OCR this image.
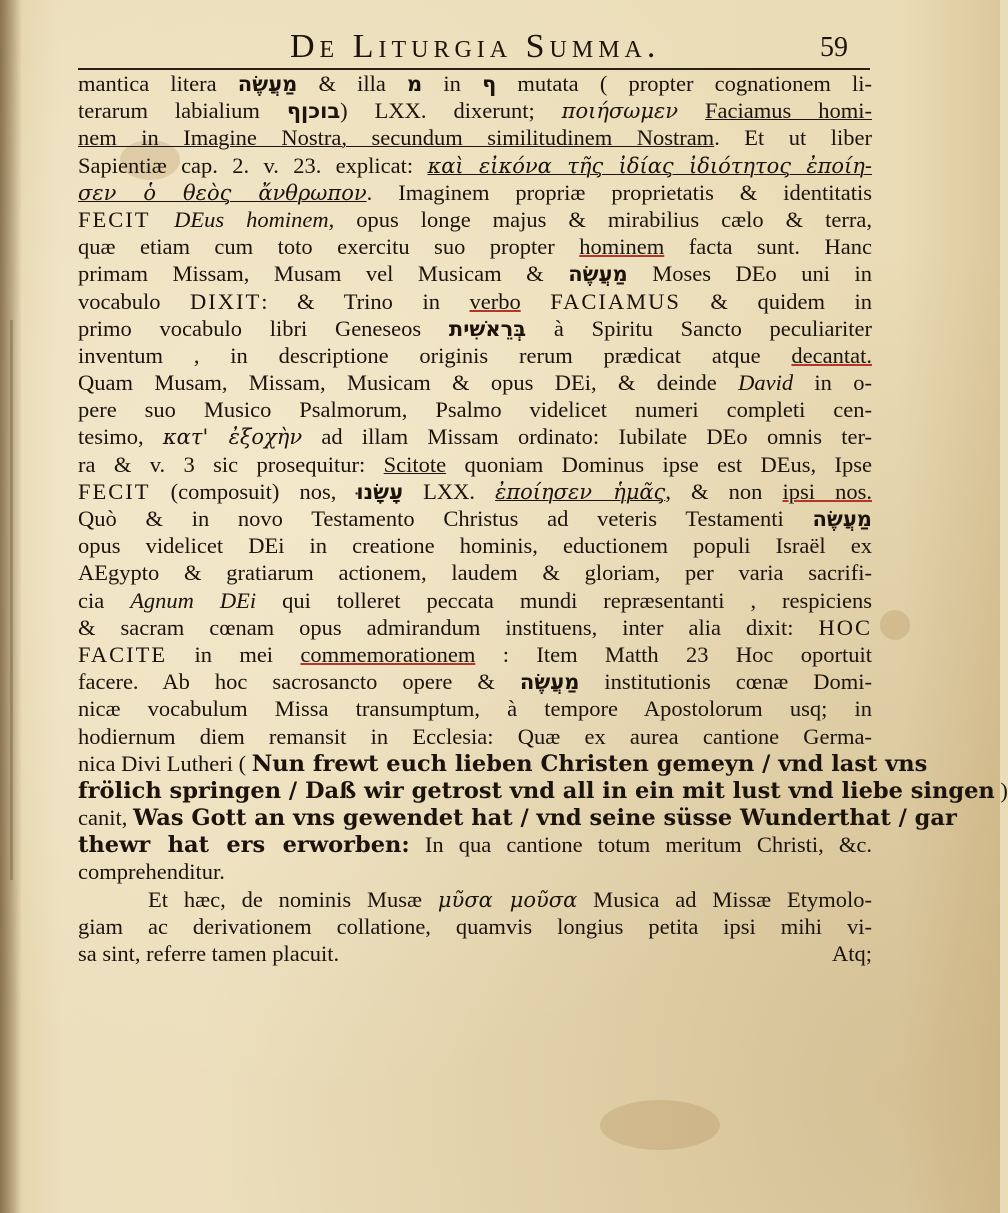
De Liturgia Summa.	59
mantica litera מַעֲשֶׂה & illa מ in ף mutata ( propter cognationem li-
terarum labialium ףבוכן) LXX. dixerunt; ποιήσωμεν Faciamus homi-
nem in Imagine Nostra, secundum similitudinem Nostram. Et ut liber
Sapientiæ cap. 2. v. 23. explicat: καὶ εἰκόνα τῆς ἰδίας ἰδιότητος ἐποίη-
σεν ὁ θεὸς ἄνθρωπον. Imaginem propriæ proprietatis & identitatis
FECIT DEus hominem, opus longe majus & mirabilius cælo & terra,
quæ etiam cum toto exercitu suo propter hominem facta sunt. Hanc
primam Missam, Musam vel Musicam & מַעֲשֶׂה Moses DEo uni in
vocabulo DIXIT: & Trino in verbo FACIAMUS & quidem in
primo vocabulo libri Geneseos בְּרֵאשִׁית à Spiritu Sancto peculiariter
inventum , in descriptione originis rerum prædicat atque decantat.
Quam Musam, Missam, Musicam & opus DEi, & deinde David in o-
pere suo Musico Psalmorum, Psalmo videlicet numeri completi cen-
tesimo, κατ' ἐξοχὴν ad illam Missam ordinato: Iubilate DEo omnis ter-
ra & v. 3 sic prosequitur: Scitote quoniam Dominus ipse est DEus, Ipse
FECIT (composuit) nos, עָשָׂנוּ LXX. ἐποίησεν ἡμᾶς, & non ipsi nos.
Quò & in novo Testamento Christus ad veteris Testamenti מַעֲשֶׂה
opus videlicet DEi in creatione hominis, eductionem populi Israël ex
AEgypto & gratiarum actionem, laudem & gloriam, per varia sacrifi-
cia Agnum DEi qui tolleret peccata mundi repræsentanti , respiciens
& sacram cœnam opus admirandum instituens, inter alia dixit: HOC
FACITE in mei commemorationem : Item Matth 23 Hoc oportuit
facere. Ab hoc sacrosancto opere & מַעֲשֶׂה institutionis cœnæ Domi-
nicæ vocabulum Missa transumptum, à tempore Apostolorum usq; in
hodiernum diem remansit in Ecclesia: Quæ ex aurea cantione Germa-
nica Divi Lutheri ( Nun frewt euch lieben Christen gemeyn / vnd last vns
frölich springen / Daß wir getrost vnd all in ein mit lust vnd liebe singen )
canit, Was Gott an vns gewendet hat / vnd seine süsse Wunderthat / gar
thewr hat ers erworben: In qua cantione totum meritum Christi, &c.
comprehenditur.
Et hæc, de nominis Musæ μῦσα μοῦσα Musica ad Missæ Etymolo-
giam ac derivationem collatione, quamvis longius petita ipsi mihi vi-
sa sint, referre tamen placuit.	Atq;
